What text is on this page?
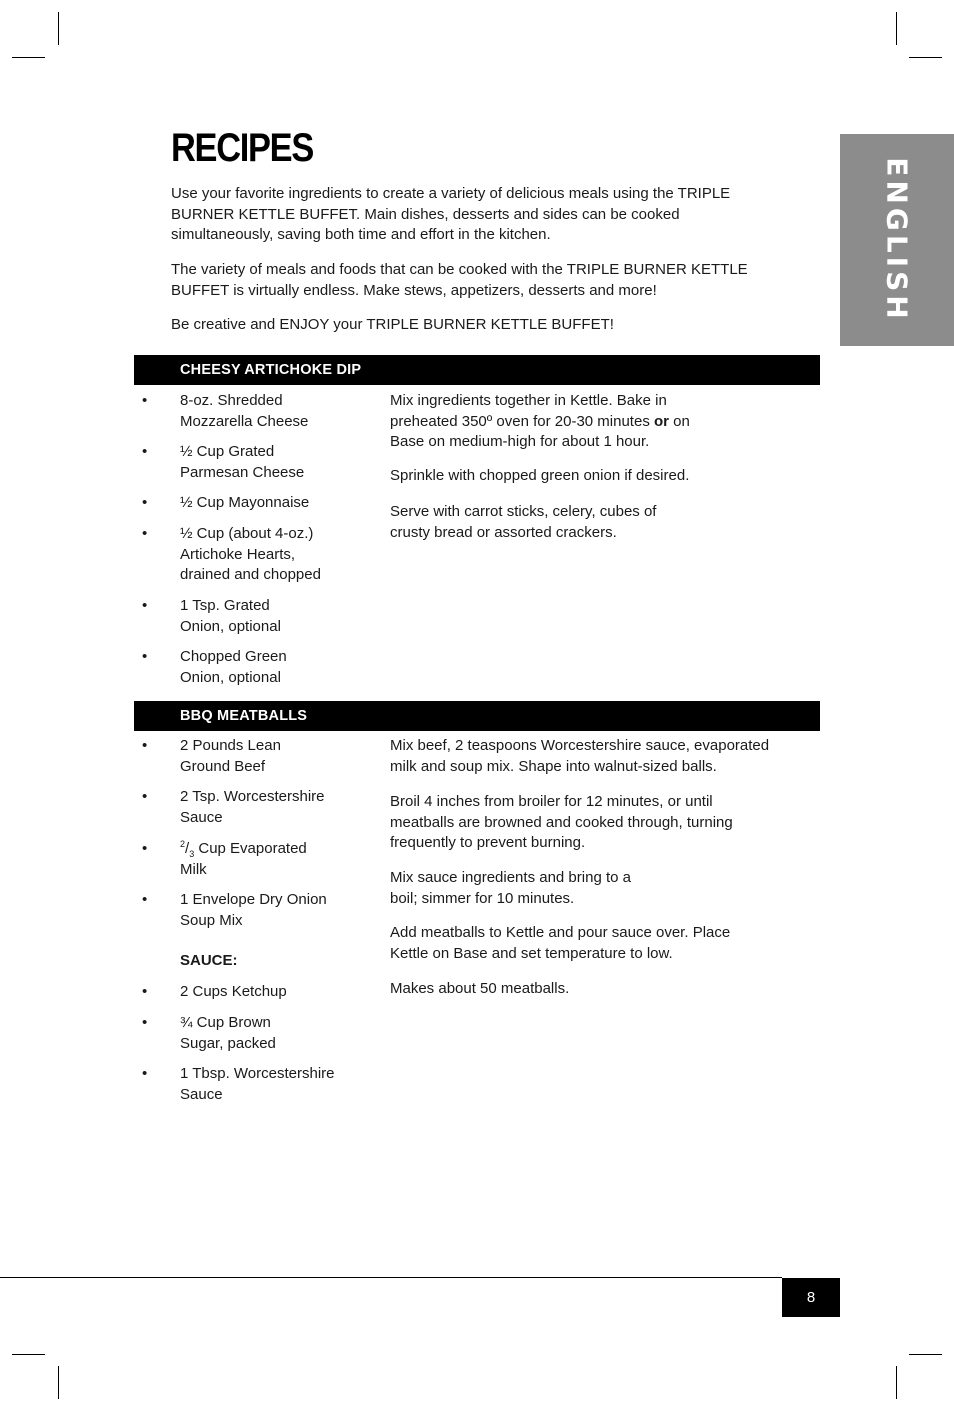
ENGLISH
RECIPES

Use your favorite ingredients to create a variety of delicious meals using the TRIPLE BURNER KETTLE BUFFET. Main dishes, desserts and sides can be cooked simultaneously, saving both time and effort in the kitchen.

The variety of meals and foods that can be cooked with the TRIPLE BURNER KETTLE BUFFET is virtually endless. Make stews, appetizers, desserts and more!

Be creative and ENJOY your TRIPLE BURNER KETTLE BUFFET!

CHEESY ARTICHOKE DIP

• 8-oz. Shredded Mozzarella Cheese

• ½ Cup Grated Parmesan Cheese

• ½ Cup Mayonnaise

• ½ Cup (about 4-oz.) Artichoke Hearts, drained and chopped

• 1 Tsp. Grated Onion, optional

• Chopped Green Onion, optional

Mix ingredients together in Kettle. Bake in preheated 350º oven for 20-30 minutes or on Base on medium-high for about 1 hour.

Sprinkle with chopped green onion if desired.

Serve with carrot sticks, celery, cubes of crusty bread or assorted crackers.

BBQ MEATBALLS

• 2 Pounds Lean Ground Beef

• 2 Tsp. Worcestershire Sauce

•	$^2/_3$ Cup Evaporated Milk

• 1 Envelope Dry Onion Soup Mix

SAUCE:

• 2 Cups Ketchup

• ¾ Cup Brown Sugar, packed

• 1 Tbsp. Worcestershire Sauce

Mix beef, 2 teaspoons Worcestershire sauce, evaporated milk and soup mix. Shape into walnut-sized balls.

Broil 4 inches from broiler for 12 minutes, or until meatballs are browned and cooked through, turning frequently to prevent burning.

Mix sauce ingredients and bring to a boil; simmer for 10 minutes.

Add meatballs to Kettle and pour sauce over. Place Kettle on Base and set temperature to low.

Makes about 50 meatballs.

8
